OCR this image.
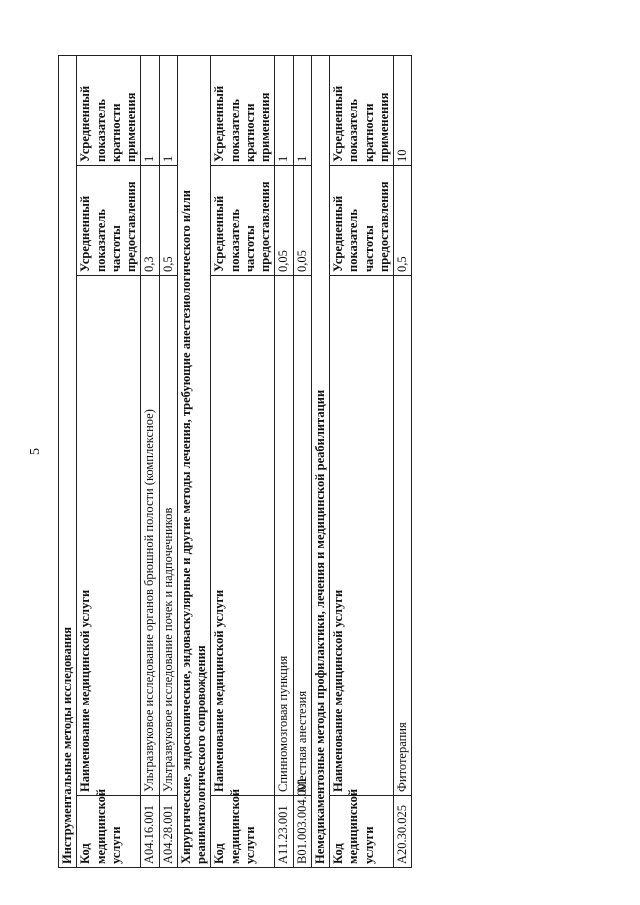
5
Инструментальные методы исследования			
Код медицинской услуги	Наименование медицинской услуги	Усредненный показатель частоты предоставления	Усредненный показатель кратности применения
A04.16.001	Ультразвуковое исследование органов брюшной полости (комплексное)	0,3	1
A04.28.001	Ультразвуковое исследование почек и надпочечников	0,5	1
Хирургические, эндоскопические, эндоваскулярные и другие методы лечения, требующие анестезиологического и/или реаниматологического сопровождения			
Код медицинской услуги	Наименование медицинской услуги	Усредненный показатель частоты предоставления	Усредненный показатель кратности применения
A11.23.001	Спинномозговая пункция	0,05	1
B01.003.004.001	Местная анестезия	0,05	1
Немедикаментозные методы профилактики, лечения и медицинской реабилитации			
Код медицинской услуги	Наименование медицинской услуги	Усредненный показатель частоты предоставления	Усредненный показатель кратности применения
A20.30.025	Фитотерапия	0,5	10
